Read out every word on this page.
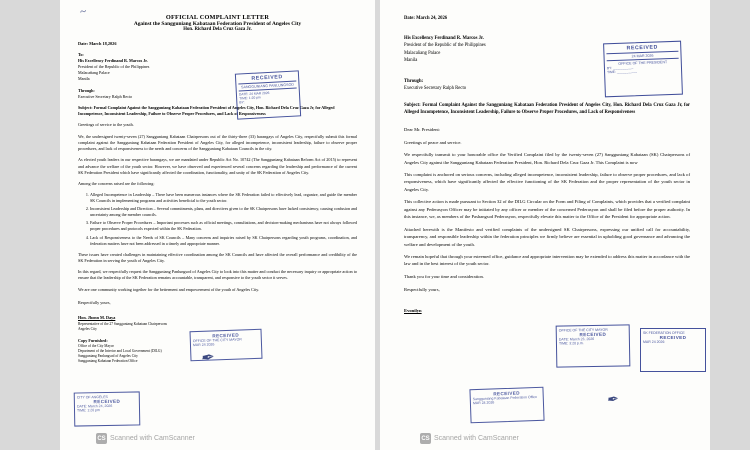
OFFICIAL COMPLAINT LETTER
Against the Sangguniang Kabataan Federation President of Angeles City
Hon. Richard Dela Cruz Gaza Jr.
Date: March 18,2026
To:
His Excellency Ferdinand R. Marcos Jr.
President of the Republic of the Philippines
Malacañang Palace
Manila
Through:
Executive Secretary Ralph Recto
Subject: Formal Complaint Against the Sangguniang Kabataan Federation President of Angeles City, Hon. Richard Dela Cruz Gaza Jr, for Alleged Incompetence, Inconsistent Leadership, Failure to Observe Proper Procedures, and Lack of Responsiveness
Greetings of service to the youth.
We, the undersigned twenty-seven (27) Sangguniang Kabataan Chairpersons out of the thirty-three (33) barangays of Angeles City, respectfully submit this formal complaint against the Sangguniang Kabataan Federation President of Angeles City, for alleged incompetence, inconsistent leadership, failure to observe proper procedures, and lack of responsiveness to the needs and concerns of the Sangguniang Kabataan Councils in the city.
As elected youth leaders in our respective barangays, we are mandated under Republic Act No. 10742 (The Sangguniang Kabataan Reform Act of 2015) to represent and advance the welfare of the youth sector. However, we have observed and experienced several concerns regarding the leadership and performance of the current SK Federation President which have significantly affected the coordination, functionality, and unity of the SK Federation of Angeles City.
Among the concerns raised are the following:
1. Alleged Incompetence in Leadership – There have been numerous instances where the SK Federation failed to effectively lead, organize, and guide the member SK Councils in implementing programs and activities beneficial to the youth sector.
2. Inconsistent Leadership and Direction – Several commitments, plans, and directives given to the SK Chairpersons have lacked consistency, causing confusion and uncertainty among the member councils.
3. Failure to Observe Proper Procedures – Important processes such as official meetings, consultations, and decision-making mechanisms have not always followed proper procedures and protocols expected within the SK Federation.
4. Lack of Responsiveness to the Needs of SK Councils – Many concerns and inquiries raised by SK Chairpersons regarding youth programs, coordination, and federation matters have not been addressed in a timely and appropriate manner.
These issues have created challenges in maintaining effective coordination among the SK Councils and have affected the overall performance and credibility of the SK Federation in serving the youth of Angeles City.
In this regard, we respectfully request the Sangguniang Panlungsod of Angeles City to look into this matter and conduct the necessary inquiry or appropriate action to ensure that the leadership of the SK Federation remains accountable, transparent, and responsive to the youth sector it serves.
We are one community working together for the betterment and empowerment of the youth of Angeles City.
Respectfully yours,
Hon. Jhonn M. Daya
Representative of the 27 Sangguniang Kabataan Chairpersons
Angeles City
Copy Furnished:
Office of the City Mayor
Department of the Interior and Local Government (DILG)
Sangguniang Panlungsod of Angeles City
Sangguniang Kabataan Federation Office
Date: March 24, 2026
His Excellency Ferdinand R. Marcos Jr.
President of the Republic of the Philippines
Malacañang Palace
Manila
Through:
Executive Secretary Ralph Recto
Subject: Formal Complaint Against the Sangguniang Kabataan Federation President of Angeles City, Hon. Richard Dela Cruz Gaza Jr, for Alleged Incompetence, Inconsistent Leadership, Failure to Observe Proper Procedures, and Lack of Responsiveness
Dear Mr. President:
Greetings of peace and service.
We respectfully transmit to your honorable office the Verified Complaint filed by the twenty-seven (27) Sangguniang Kabataan (SK) Chairpersons of Angeles City against the Sangguniang Kabataan Federation President, Hon. Richard Dela Cruz Gaza Jr. This Complaint is now
This complaint is anchored on serious concerns, including alleged incompetence, inconsistent leadership, failure to observe proper procedures, and lack of responsiveness, which have significantly affected the effective functioning of the SK Federation and the proper representation of the youth sector in Angeles City.
This collective action is made pursuant to Section 32 of the DILG Circular on the Form and Filing of Complaints, which provides that a verified complaint against any Pederasyon Officer may be initiated by any officer or member of the concerned Pederasyon and shall be filed before the proper authority. In this instance, we, as members of the Pashangsod Pederasyon, respectfully elevate this matter to the Office of the President for appropriate action.
Attached herewith is the Manifesto and verified complaints of the undersigned SK Chairpersons, expressing our unified call for accountability, transparency, and responsible leadership within the federation principles we firmly believe are essential in upholding good governance and advancing the welfare and development of the youth.
We remain hopeful that through your esteemed office, guidance and appropriate intervention may be extended to address this matter in accordance with the law and in the best interest of the youth sector.
Thank you for your time and consideration.
Respectfully yours,
Evonilyn
RECEIVED
SANGGUNIANG PANLUNGSOD
DATE: 24 MAR 2026
TIME: 1:20 pm
BY:
RECEIVED
24 MAR 2026
OFFICE OF THE PRESIDENT
BY: ___________
TIME: ___________
RECEIVED
OFFICE OF THE CITY MAYOR
MAR 24 2026
CITY OF ANGELES
RECEIVED
DATE: March 24, 2026
TIME: 1:20 pm
OFFICE OF THE CITY MAYOR
RECEIVED
DATE: March 23, 2026
TIME: 3:20 p.m.
SK FEDERATION OFFICE
RECEIVED
MAR 24 2026
RECEIVED
Sangguniang Kabataan Federation Office
MAR 24 2026
~
✒
✒
CS Scanned with CamScanner	CS Scanned with CamScanner
